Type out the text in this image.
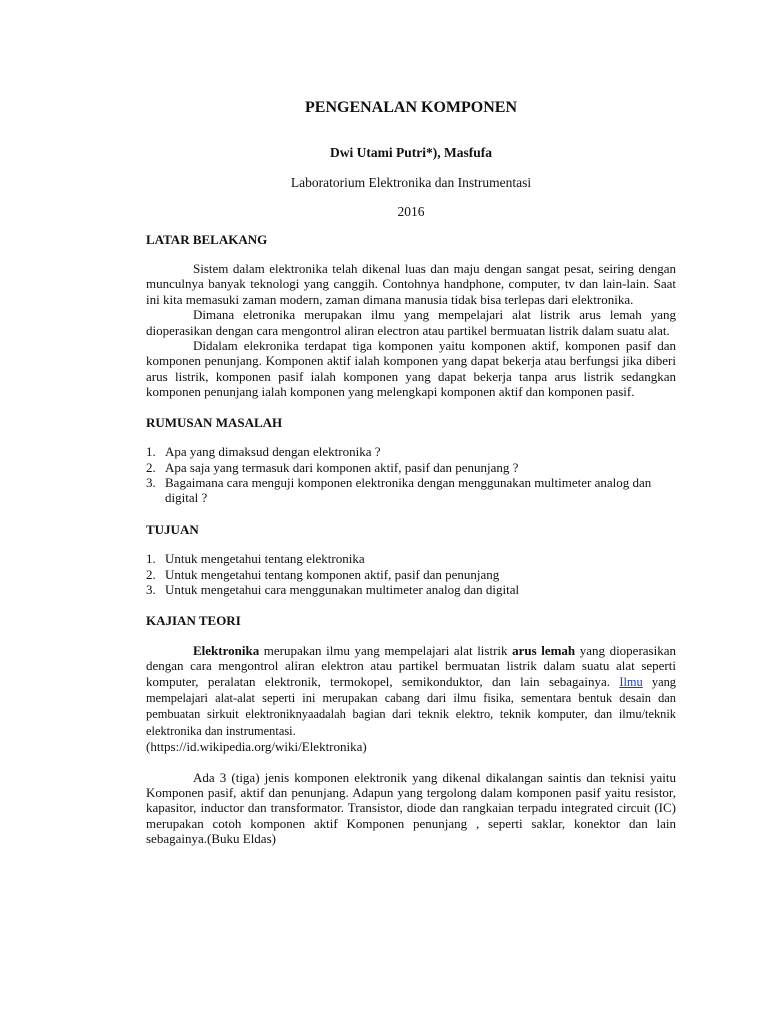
PENGENALAN KOMPONEN
Dwi Utami Putri*), Masfufa
Laboratorium Elektronika dan Instrumentasi
2016
LATAR BELAKANG

Sistem dalam elektronika telah dikenal luas dan maju dengan sangat pesat, seiring dengan munculnya banyak teknologi yang canggih. Contohnya handphone, computer, tv dan lain-lain. Saat ini kita memasuki zaman modern, zaman dimana manusia tidak bisa terlepas dari elektronika.

Dimana eletronika merupakan ilmu yang mempelajari alat listrik arus lemah yang dioperasikan dengan cara mengontrol aliran electron atau partikel bermuatan listrik dalam suatu alat.

Didalam elekronika terdapat tiga komponen yaitu komponen aktif, komponen pasif dan komponen penunjang. Komponen aktif ialah komponen yang dapat bekerja atau berfungsi jika diberi arus listrik, komponen pasif ialah komponen yang dapat bekerja tanpa arus listrik sedangkan komponen penunjang ialah komponen yang melengkapi komponen aktif dan komponen pasif.

RUMUSAN MASALAH
1. Apa yang dimaksud dengan elektronika ?
2. Apa saja yang termasuk dari komponen aktif, pasif dan penunjang ?
3. Bagaimana cara menguji komponen elektronika dengan menggunakan multimeter analog dan digital ?
TUJUAN
1. Untuk mengetahui tentang elektronika
2. Untuk mengetahui tentang komponen aktif, pasif dan penunjang
3. Untuk mengetahui cara menggunakan multimeter analog dan digital
KAJIAN TEORI

Elektronika merupakan ilmu yang mempelajari alat listrik arus lemah yang dioperasikan dengan cara mengontrol aliran elektron atau partikel bermuatan listrik dalam suatu alat seperti komputer, peralatan elektronik, termokopel, semikonduktor, dan lain sebagainya. Ilmu yang mempelajari alat-alat seperti ini merupakan cabang dari ilmu fisika, sementara bentuk desain dan pembuatan sirkuit elektroniknyaadalah bagian dari teknik elektro, teknik komputer, dan ilmu/teknik elektronika dan instrumentasi.

(https://id.wikipedia.org/wiki/Elektronika)

Ada 3 (tiga) jenis komponen elektronik yang dikenal dikalangan saintis dan teknisi yaitu Komponen pasif, aktif dan penunjang. Adapun yang tergolong dalam komponen pasif yaitu resistor, kapasitor, inductor dan transformator. Transistor, diode dan rangkaian terpadu integrated circuit (IC) merupakan cotoh komponen aktif Komponen penunjang , seperti saklar, konektor dan lain sebagainya.(Buku Eldas)
